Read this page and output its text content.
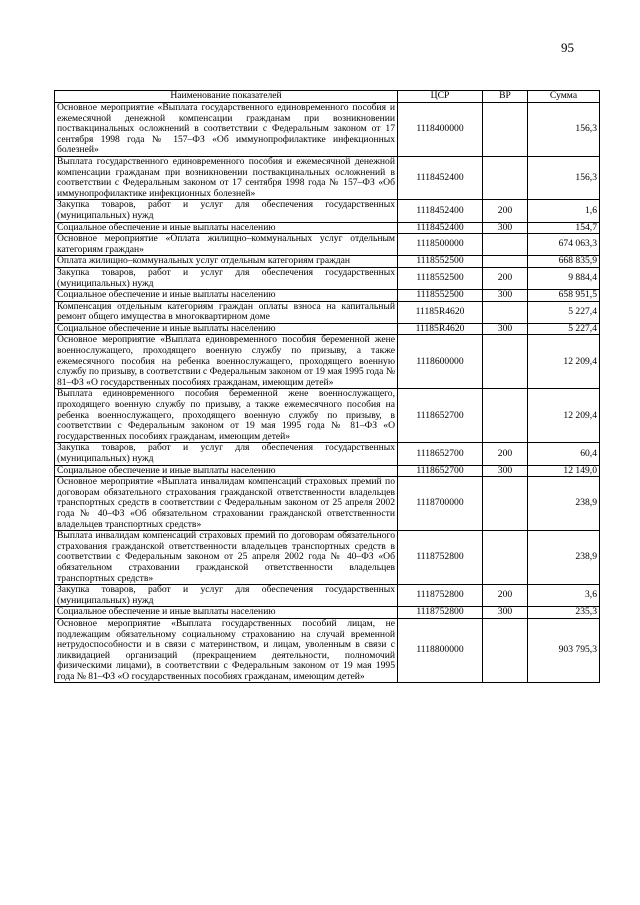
95
Наименование показателей	ЦСР	ВР	Сумма
Основное мероприятие «Выплата государственного единовременного пособия и ежемесячной денежной компенсации гражданам при возникновении поствакцинальных осложнений в соответствии с Федеральным законом от 17 сентября 1998 года № 157–ФЗ «Об иммунопрофилактике инфекционных болезней»	1118400000		156,3
Выплата государственного единовременного пособия и ежемесячной денежной компенсации гражданам при возникновении поствакцинальных осложнений в соответствии с Федеральным законом от 17 сентября 1998 года № 157–ФЗ «Об иммунопрофилактике инфекционных болезней»	1118452400		156,3
Закупка товаров, работ и услуг для обеспечения государственных (муниципальных) нужд	1118452400	200	1,6
Социальное обеспечение и иные выплаты населению	1118452400	300	154,7
Основное мероприятие «Оплата жилищно–коммунальных услуг отдельным категориям граждан»	1118500000		674 063,3
Оплата жилищно–коммунальных услуг отдельным категориям граждан	1118552500		668 835,9
Закупка товаров, работ и услуг для обеспечения государственных (муниципальных) нужд	1118552500	200	9 884,4
Социальное обеспечение и иные выплаты населению	1118552500	300	658 951,5
Компенсация отдельным категориям граждан оплаты взноса на капитальный ремонт общего имущества в многоквартирном доме	11185R4620		5 227,4
Социальное обеспечение и иные выплаты населению	11185R4620	300	5 227,4
Основное мероприятие «Выплата единовременного пособия беременной жене военнослужащего, проходящего военную службу по призыву, а также ежемесячного пособия на ребенка военнослужащего, проходящего военную службу по призыву, в соответствии с Федеральным законом от 19 мая 1995 года № 81–ФЗ «О государственных пособиях гражданам, имеющим детей»	1118600000		12 209,4
Выплата единовременного пособия беременной жене военнослужащего, проходящего военную службу по призыву, а также ежемесячного пособия на ребенка военнослужащего, проходящего военную службу по призыву, в соответствии с Федеральным законом от 19 мая 1995 года № 81–ФЗ «О государственных пособиях гражданам, имеющим детей»	1118652700		12 209,4
Закупка товаров, работ и услуг для обеспечения государственных (муниципальных) нужд	1118652700	200	60,4
Социальное обеспечение и иные выплаты населению	1118652700	300	12 149,0
Основное мероприятие «Выплата инвалидам компенсаций страховых премий по договорам обязательного страхования гражданской ответственности владельцев транспортных средств в соответствии с Федеральным законом от 25 апреля 2002 года № 40–ФЗ «Об обязательном страховании гражданской ответственности владельцев транспортных средств»	1118700000		238,9
Выплата инвалидам компенсаций страховых премий по договорам обязательного страхования гражданской ответственности владельцев транспортных средств в соответствии с Федеральным законом от 25 апреля 2002 года № 40–ФЗ «Об обязательном страховании гражданской ответственности владельцев транспортных средств»	1118752800		238,9
Закупка товаров, работ и услуг для обеспечения государственных (муниципальных) нужд	1118752800	200	3,6
Социальное обеспечение и иные выплаты населению	1118752800	300	235,3
Основное мероприятие «Выплата государственных пособий лицам, не подлежащим обязательному социальному страхованию на случай временной нетрудоспособности и в связи с материнством, и лицам, уволенным в связи с ликвидацией организаций (прекращением деятельности, полномочий физическими лицами), в соответствии с Федеральным законом от 19 мая 1995 года № 81–ФЗ «О государственных пособиях гражданам, имеющим детей»	1118800000		903 795,3
